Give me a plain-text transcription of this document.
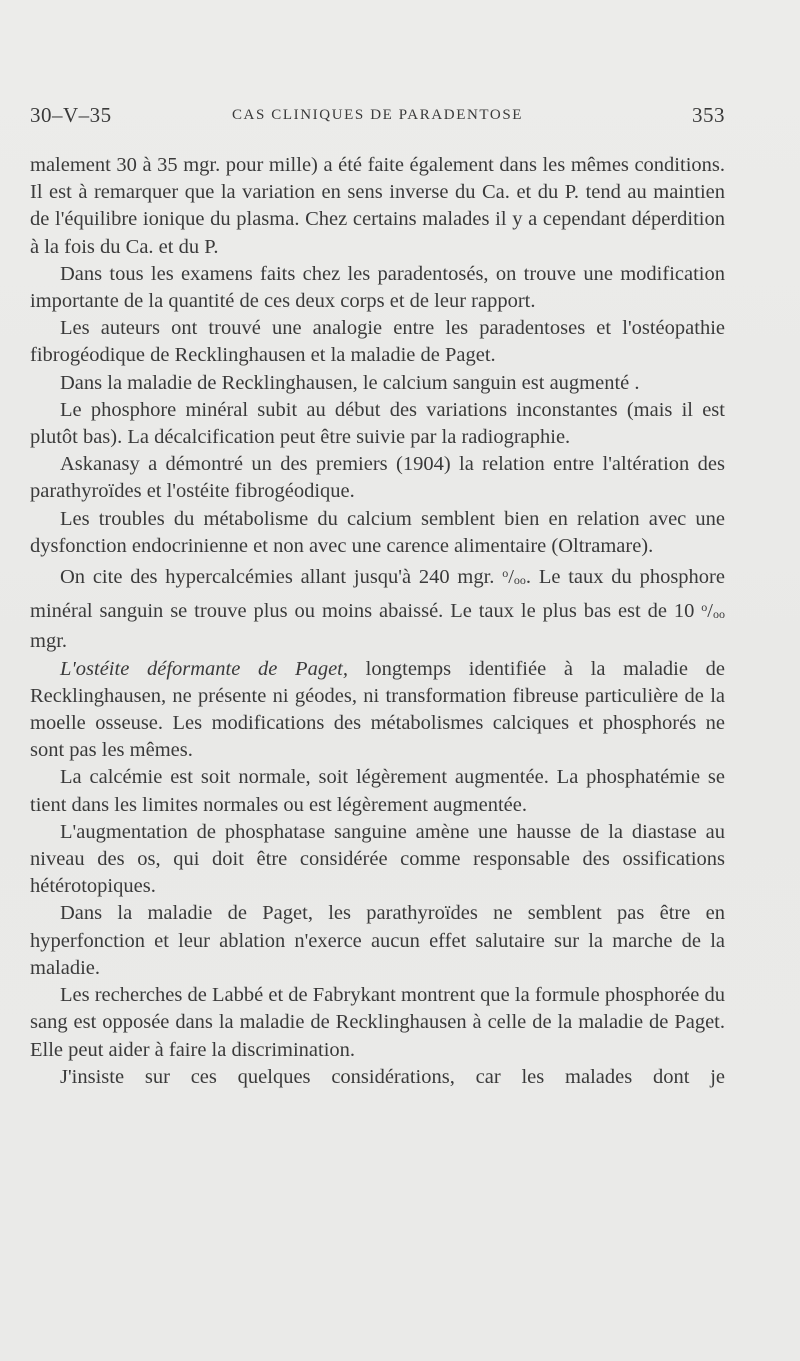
30–V–35	CAS CLINIQUES DE PARADENTOSE	353

malement 30 à 35 mgr. pour mille) a été faite également dans les mêmes conditions. Il est à remarquer que la variation en sens inverse du Ca. et du P. tend au maintien de l'équilibre ionique du plasma. Chez certains malades il y a cependant déperdition à la fois du Ca. et du P.

Dans tous les examens faits chez les paradentosés, on trouve une modification importante de la quantité de ces deux corps et de leur rapport.

Les auteurs ont trouvé une analogie entre les paradentoses et l'ostéopathie fibrogéodique de Recklinghausen et la maladie de Paget.

Dans la maladie de Recklinghausen, le calcium sanguin est augmenté .

Le phosphore minéral subit au début des variations inconstantes (mais il est plutôt bas). La décalcification peut être suivie par la radiographie.

Askanasy a démontré un des premiers (1904) la relation entre l'altération des parathyroïdes et l'ostéite fibrogéodique.

Les troubles du métabolisme du calcium semblent bien en relation avec une dysfonction endocrinienne et non avec une carence alimentaire (Oltramare).

On cite des hypercalcémies allant jusqu'à 240 mgr. $^o/_{oo}$. Le taux du phosphore minéral sanguin se trouve plus ou moins abaissé. Le taux le plus bas est de 10 $^o/_{oo}$ mgr.

L'ostéite déformante de Paget, longtemps identifiée à la maladie de Recklinghausen, ne présente ni géodes, ni transformation fibreuse particulière de la moelle osseuse. Les modifications des métabolismes calciques et phosphorés ne sont pas les mêmes.

La calcémie est soit normale, soit légèrement augmentée. La phosphatémie se tient dans les limites normales ou est légèrement augmentée.

L'augmentation de phosphatase sanguine amène une hausse de la diastase au niveau des os, qui doit être considérée comme responsable des ossifications hétérotopiques.

Dans la maladie de Paget, les parathyroïdes ne semblent pas être en hyperfonction et leur ablation n'exerce aucun effet salutaire sur la marche de la maladie.

Les recherches de Labbé et de Fabrykant montrent que la formule phosphorée du sang est opposée dans la maladie de Recklinghausen à celle de la maladie de Paget. Elle peut aider à faire la discrimination.

J'insiste sur ces quelques considérations, car les malades dont je
